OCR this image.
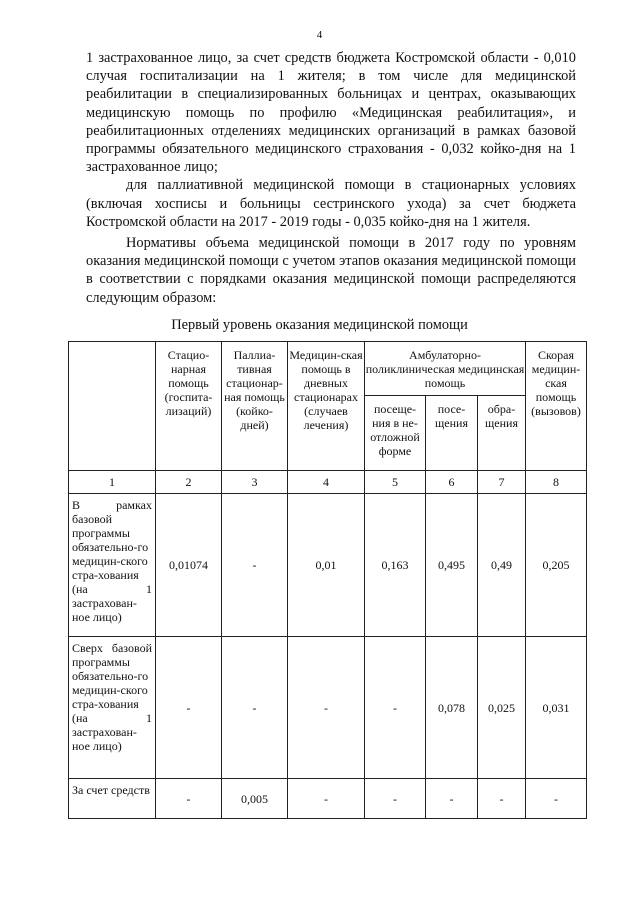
4

1 застрахованное лицо, за счет средств бюджета Костромской области - 0,010 случая госпитализации на 1 жителя; в том числе для медицинской реабилитации в специализированных больницах и центрах, оказывающих медицинскую помощь по профилю «Медицинская реабилитация», и реабилитационных отделениях медицинских организаций в рамках базовой программы обязательного медицинского страхования - 0,032 койко-дня на 1 застрахованное лицо;

для паллиативной медицинской помощи в стационарных условиях (включая хосписы и больницы сестринского ухода) за счет бюджета Костромской области на 2017 - 2019 годы - 0,035 койко-дня на 1 жителя.

Нормативы объема медицинской помощи в 2017 году по уровням оказания медицинской помощи с учетом этапов оказания медицинской помощи в соответствии с порядками оказания медицинской помощи распределяются следующим образом:

Первый уровень оказания медицинской помощи
	Стацио-нарная помощь (госпита-лизаций)	Паллиа-тивная стационар-ная помощь (койко-дней)	Медицин-ская помощь в дневных стационарах (случаев лечения)	Амбулаторно-поликлиническая медицинская помощь			Скорая медицин-ская помощь (вызовов)
				посеще-ния в не-отложной форме	посе-щения	обра-щения	
1	2	3	4	5	6	7	8
В рамках базовой программы обязательно-го медицин-ского стра-хования (на 1 застрахован-ное лицо)	0,01074	-	0,01	0,163	0,495	0,49	0,205
Сверх базовой программы обязательно-го медицин-ского стра-хования (на 1 застрахован-ное лицо)	-	-	-	-	0,078	0,025	0,031
За счет средств	-	0,005	-	-	-	-	-
